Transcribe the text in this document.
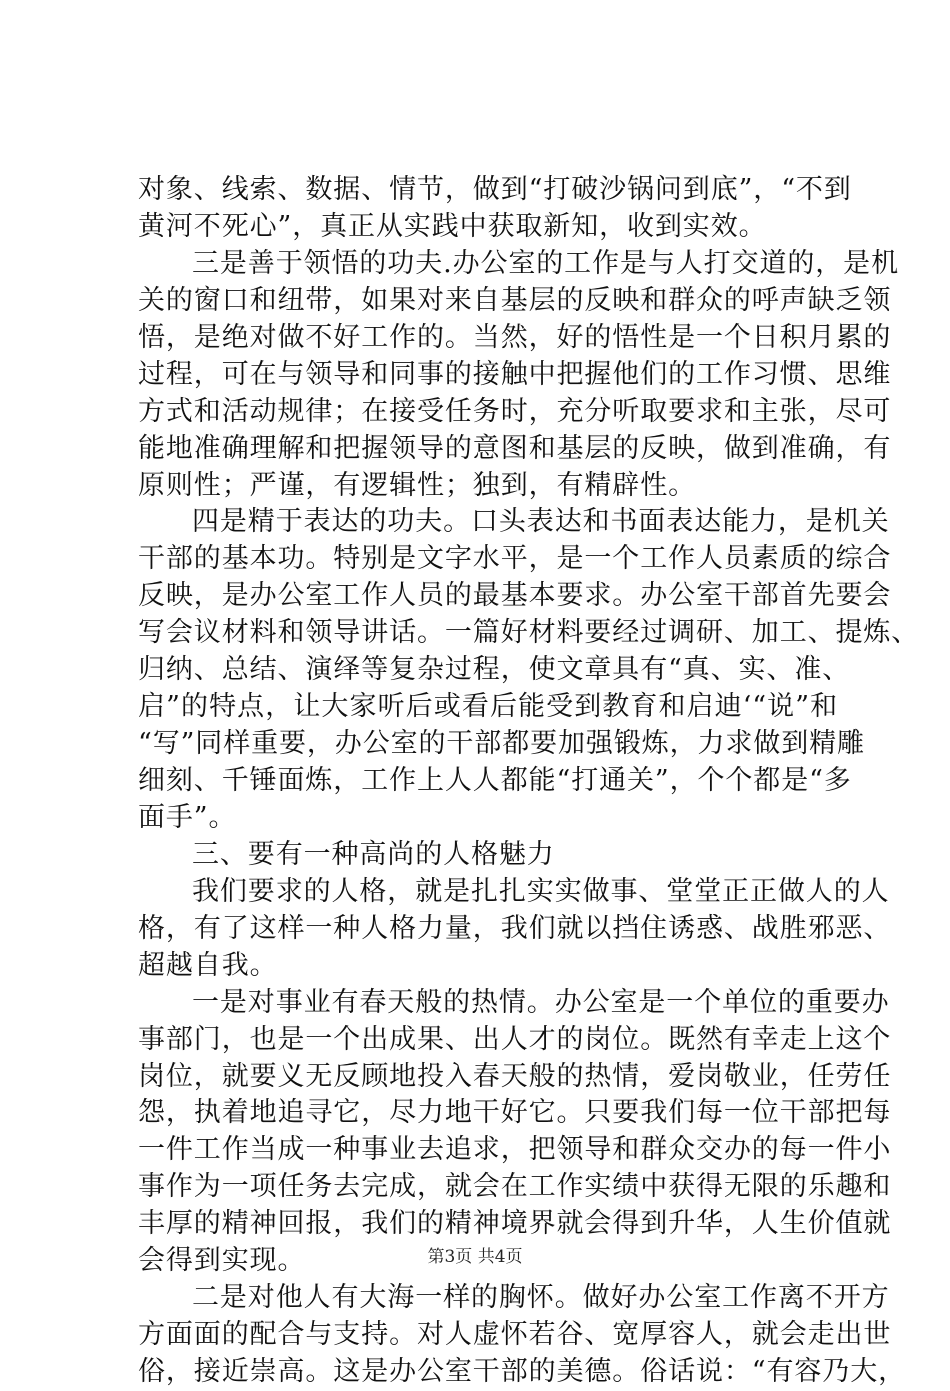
对象、线索、数据、情节，做到“打破沙锅问到底”，“不到
黄河不死心”，真正从实践中获取新知，收到实效。
三是善于领悟的功夫.办公室的工作是与人打交道的，是机
关的窗口和纽带，如果对来自基层的反映和群众的呼声缺乏领
悟，是绝对做不好工作的。当然，好的悟性是一个日积月累的
过程，可在与领导和同事的接触中把握他们的工作习惯、思维
方式和活动规律；在接受任务时，充分听取要求和主张，尽可
能地准确理解和把握领导的意图和基层的反映，做到准确，有
原则性；严谨，有逻辑性；独到，有精辟性。
四是精于表达的功夫。口头表达和书面表达能力，是机关
干部的基本功。特别是文字水平，是一个工作人员素质的综合
反映，是办公室工作人员的最基本要求。办公室干部首先要会
写会议材料和领导讲话。一篇好材料要经过调研、加工、提炼、
归纳、总结、演绎等复杂过程，使文章具有“真、实、准、
启”的特点，让大家听后或看后能受到教育和启迪‘“说”和
“写”同样重要，办公室的干部都要加强锻炼，力求做到精雕
细刻、千锤面炼，工作上人人都能“打通关”，个个都是“多
面手”。
三、要有一种高尚的人格魅力
我们要求的人格，就是扎扎实实做事、堂堂正正做人的人
格，有了这样一种人格力量，我们就以挡住诱惑、战胜邪恶、
超越自我。
一是对事业有春天般的热情。办公室是一个单位的重要办
事部门，也是一个出成果、出人才的岗位。既然有幸走上这个
岗位，就要义无反顾地投入春天般的热情，爱岗敬业，任劳任
怨，执着地追寻它，尽力地干好它。只要我们每一位干部把每
一件工作当成一种事业去追求，把领导和群众交办的每一件小
事作为一项任务去完成，就会在工作实绩中获得无限的乐趣和
丰厚的精神回报，我们的精神境界就会得到升华，人生价值就
会得到实现。
二是对他人有大海一样的胸怀。做好办公室工作离不开方
方面面的配合与支持。对人虚怀若谷、宽厚容人，就会走出世
俗，接近崇高。这是办公室干部的美德。俗话说：“有容乃大，
第3页 共4页
